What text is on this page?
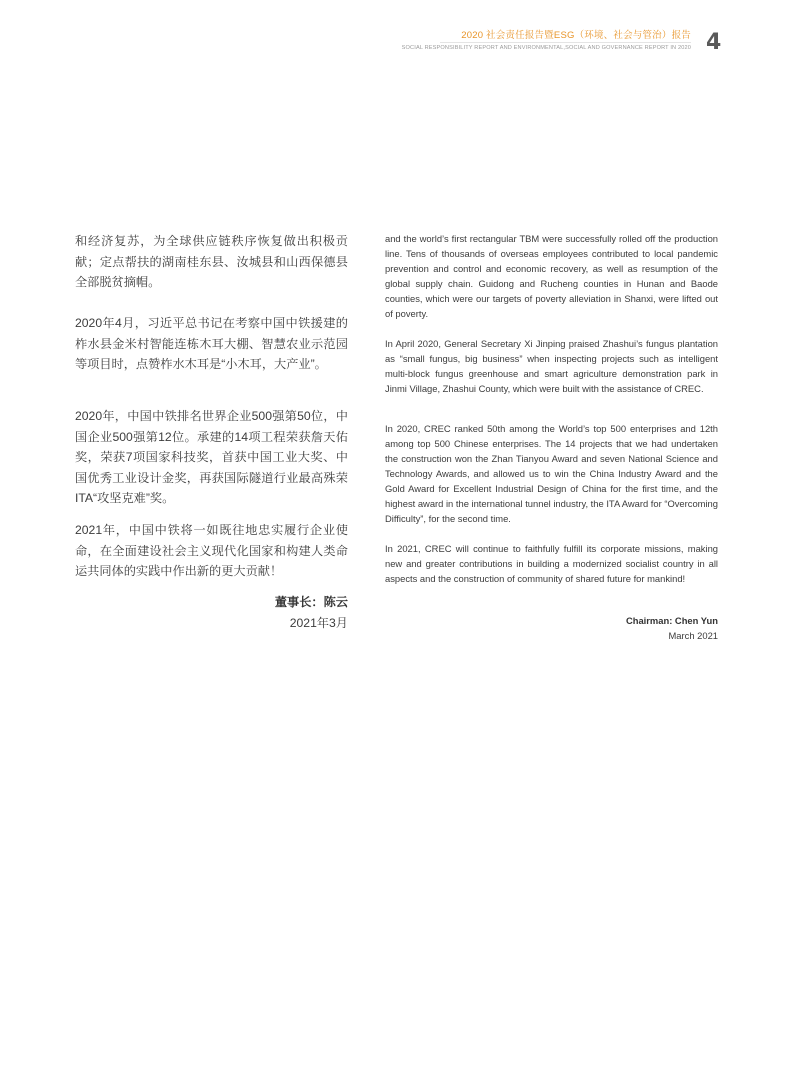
2020 社会责任报告暨ESG（环境、社会与管治）报告
SOCIAL RESPONSIBILITY REPORT AND ENVIRONMENTAL,SOCIAL AND GOVERNANCE REPORT IN 2020 4

和经济复苏，为全球供应链秩序恢复做出积极贡献；定点帮扶的湖南桂东县、汝城县和山西保德县全部脱贫摘帽。

2020年4月，习近平总书记在考察中国中铁援建的柞水县金米村智能连栋木耳大棚、智慧农业示范园等项目时，点赞柞水木耳是“小木耳，大产业”。

2020年，中国中铁排名世界企业500强第50位，中国企业500强第12位。承建的14项工程荣获詹天佑奖，荣获7项国家科技奖，首获中国工业大奖、中国优秀工业设计金奖，再获国际隧道行业最高殊荣ITA“攻坚克难”奖。

2021年，中国中铁将一如既往地忠实履行企业使命，在全面建设社会主义现代化国家和构建人类命运共同体的实践中作出新的更大贡献！

董事长：陈云

2021年3月

and the world’s first rectangular TBM were successfully rolled off the production line. Tens of thousands of overseas employees contributed to local pandemic prevention and control and economic recovery, as well as resumption of the global supply chain. Guidong and Rucheng counties in Hunan and Baode counties, which were our targets of poverty alleviation in Shanxi, were lifted out of poverty.

In April 2020, General Secretary Xi Jinping praised Zhashui’s fungus plantation as “small fungus, big business” when inspecting projects such as intelligent multi-block fungus greenhouse and smart agriculture demonstration park in Jinmi Village, Zhashui County, which were built with the assistance of CREC.

In 2020, CREC ranked 50th among the World’s top 500 enterprises and 12th among top 500 Chinese enterprises. The 14 projects that we had undertaken the construction won the Zhan Tianyou Award and seven National Science and Technology Awards, and allowed us to win the China Industry Award and the Gold Award for Excellent Industrial Design of China for the first time, and the highest award in the international tunnel industry, the ITA Award for “Overcoming Difficulty”, for the second time.

In 2021, CREC will continue to faithfully fulfill its corporate missions, making new and greater contributions in building a modernized socialist country in all aspects and the construction of community of shared future for mankind!

Chairman: Chen Yun

March 2021
